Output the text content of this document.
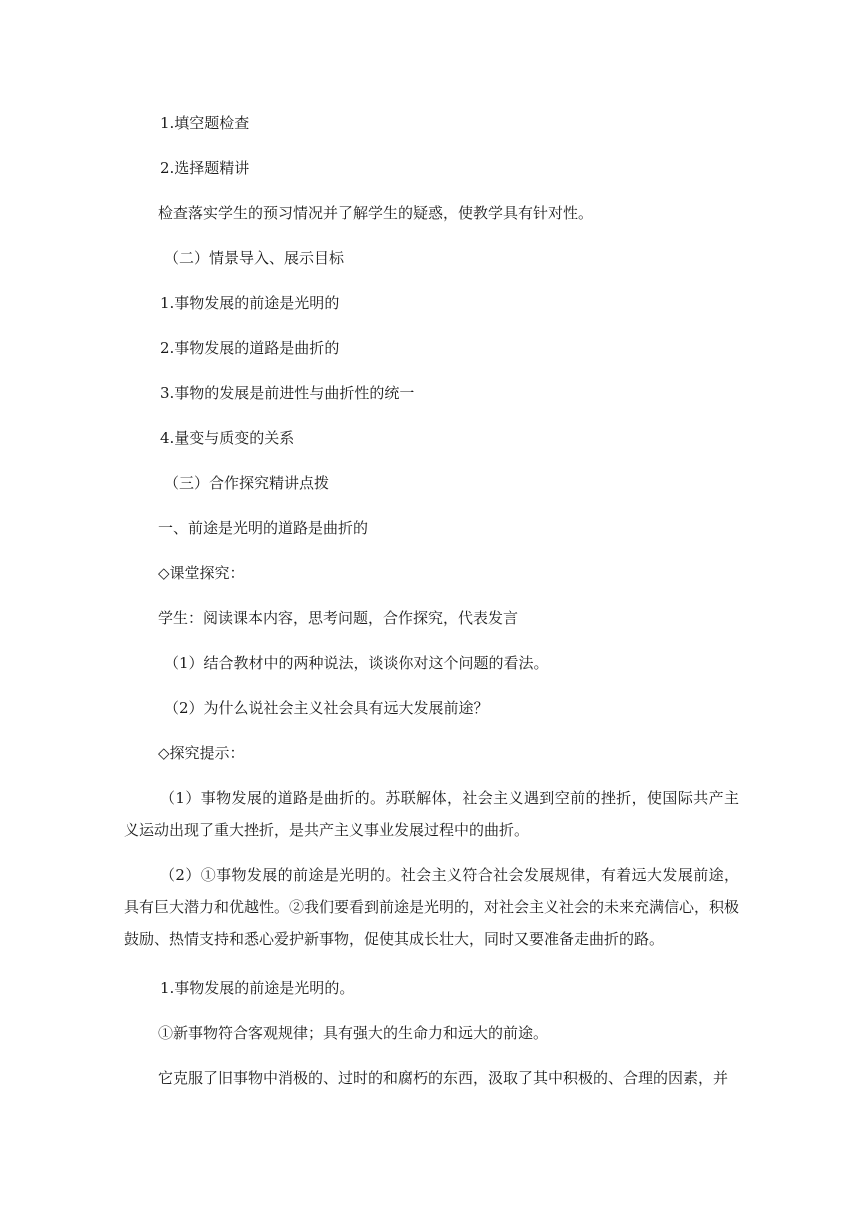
1.填空题检查
2.选择题精讲
检查落实学生的预习情况并了解学生的疑惑，使教学具有针对性。
（二）情景导入、展示目标
1.事物发展的前途是光明的
2.事物发展的道路是曲折的
3.事物的发展是前进性与曲折性的统一
4.量变与质变的关系
（三）合作探究精讲点拨
一、前途是光明的道路是曲折的
◇课堂探究：
学生：阅读课本内容，思考问题，合作探究，代表发言
（1）结合教材中的两种说法，谈谈你对这个问题的看法。
（2）为什么说社会主义社会具有远大发展前途？
◇探究提示：

（1）事物发展的道路是曲折的。苏联解体，社会主义遇到空前的挫折，使国际共产主义运动出现了重大挫折，是共产主义事业发展过程中的曲折。

（2）①事物发展的前途是光明的。社会主义符合社会发展规律，有着远大发展前途，具有巨大潜力和优越性。②我们要看到前途是光明的，对社会主义社会的未来充满信心，积极鼓励、热情支持和悉心爱护新事物，促使其成长壮大，同时又要准备走曲折的路。

1.事物发展的前途是光明的。
①新事物符合客观规律；具有强大的生命力和远大的前途。
它克服了旧事物中消极的、过时的和腐朽的东西，汲取了其中积极的、合理的因素，并
